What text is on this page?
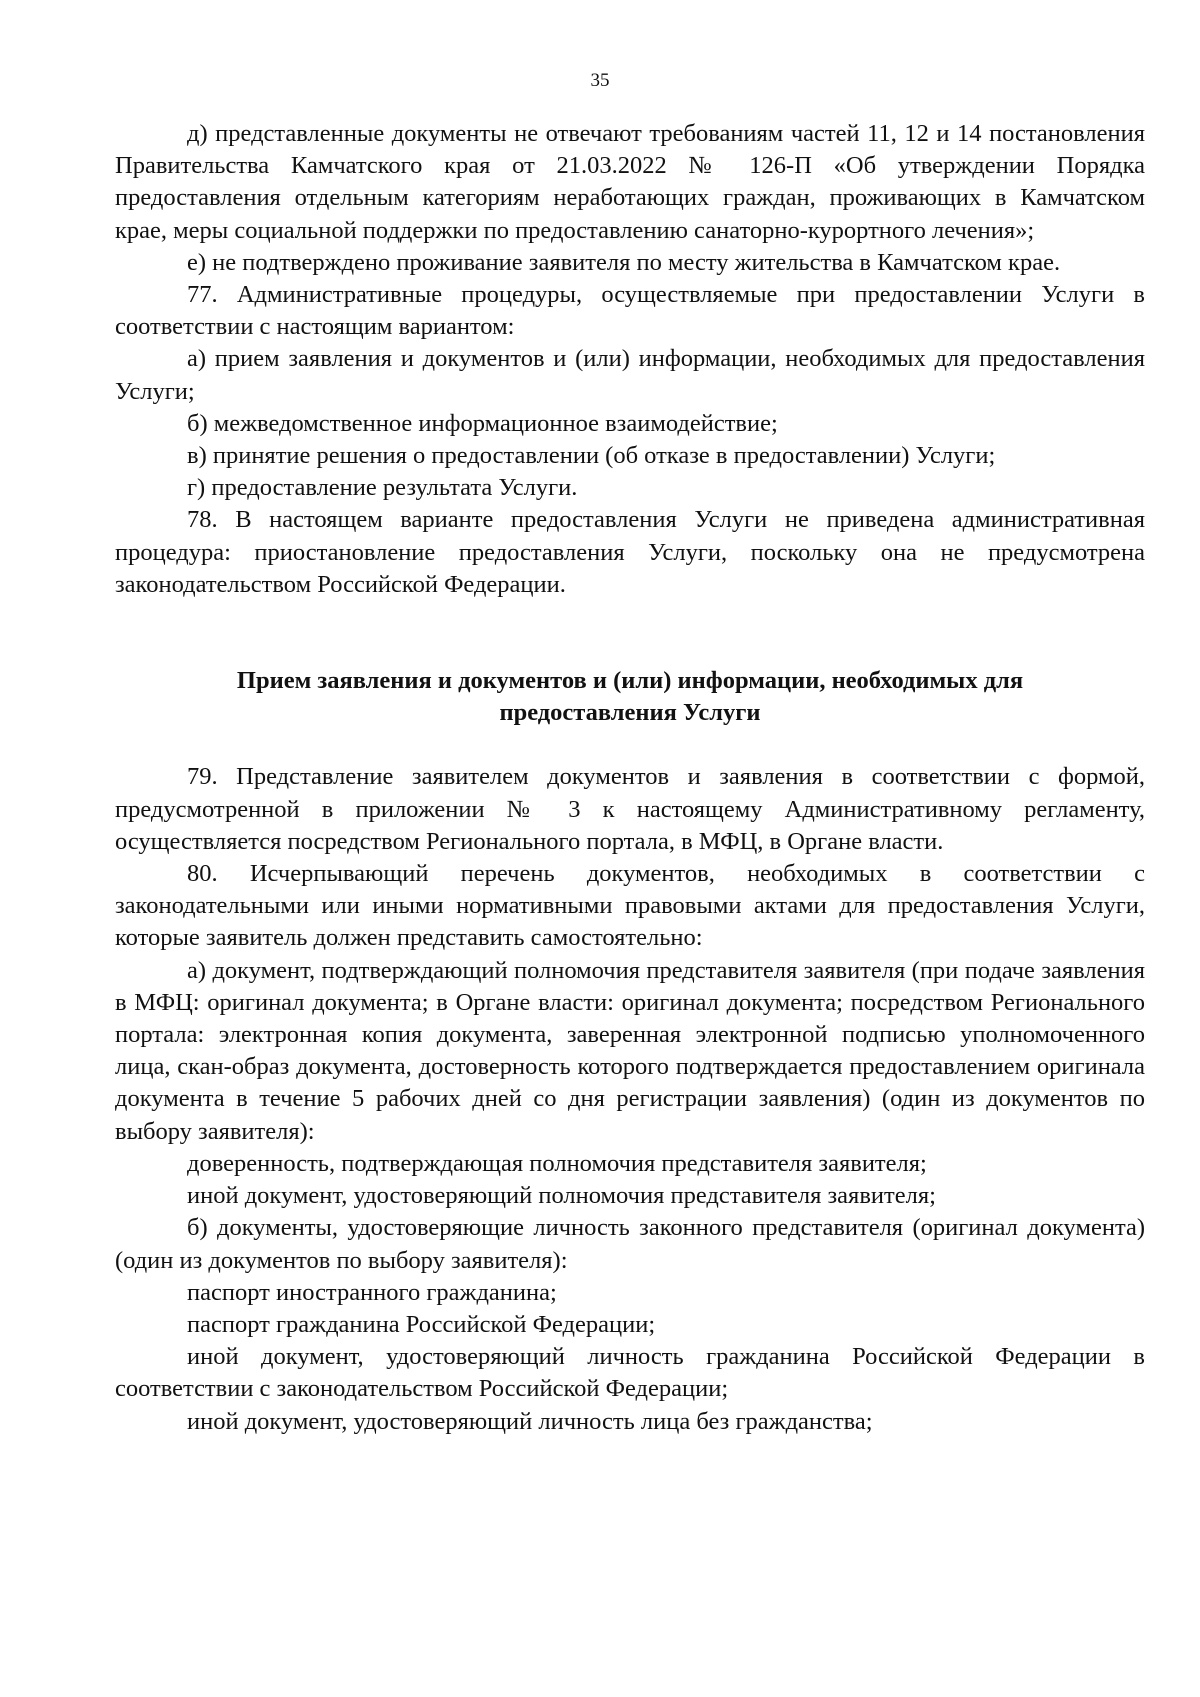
35

д) представленные документы не отвечают требованиям частей 11, 12 и 14 постановления Правительства Камчатского края от 21.03.2022 № 126-П «Об утверждении Порядка предоставления отдельным категориям неработающих граждан, проживающих в Камчатском крае, меры социальной поддержки по предоставлению санаторно-курортного лечения»;

е) не подтверждено проживание заявителя по месту жительства в Камчатском крае.

77. Административные процедуры, осуществляемые при предоставлении Услуги в соответствии с настоящим вариантом:

а) прием заявления и документов и (или) информации, необходимых для предоставления Услуги;

б) межведомственное информационное взаимодействие;

в) принятие решения о предоставлении (об отказе в предоставлении) Услуги;

г) предоставление результата Услуги.

78. В настоящем варианте предоставления Услуги не приведена административная процедура: приостановление предоставления Услуги, поскольку она не предусмотрена законодательством Российской Федерации.

Прием заявления и документов и (или) информации, необходимых для предоставления Услуги

79. Представление заявителем документов и заявления в соответствии с формой, предусмотренной в приложении № 3 к настоящему Административному регламенту, осуществляется посредством Регионального портала, в МФЦ, в Органе власти.

80. Исчерпывающий перечень документов, необходимых в соответствии с законодательными или иными нормативными правовыми актами для предоставления Услуги, которые заявитель должен представить самостоятельно:

а) документ, подтверждающий полномочия представителя заявителя (при подаче заявления в МФЦ: оригинал документа; в Органе власти: оригинал документа; посредством Регионального портала: электронная копия документа, заверенная электронной подписью уполномоченного лица, скан-образ документа, достоверность которого подтверждается предоставлением оригинала документа в течение 5 рабочих дней со дня регистрации заявления) (один из документов по выбору заявителя):

доверенность, подтверждающая полномочия представителя заявителя;

иной документ, удостоверяющий полномочия представителя заявителя;

б) документы, удостоверяющие личность законного представителя (оригинал документа) (один из документов по выбору заявителя):

паспорт иностранного гражданина;

паспорт гражданина Российской Федерации;

иной документ, удостоверяющий личность гражданина Российской Федерации в соответствии с законодательством Российской Федерации;

иной документ, удостоверяющий личность лица без гражданства;
